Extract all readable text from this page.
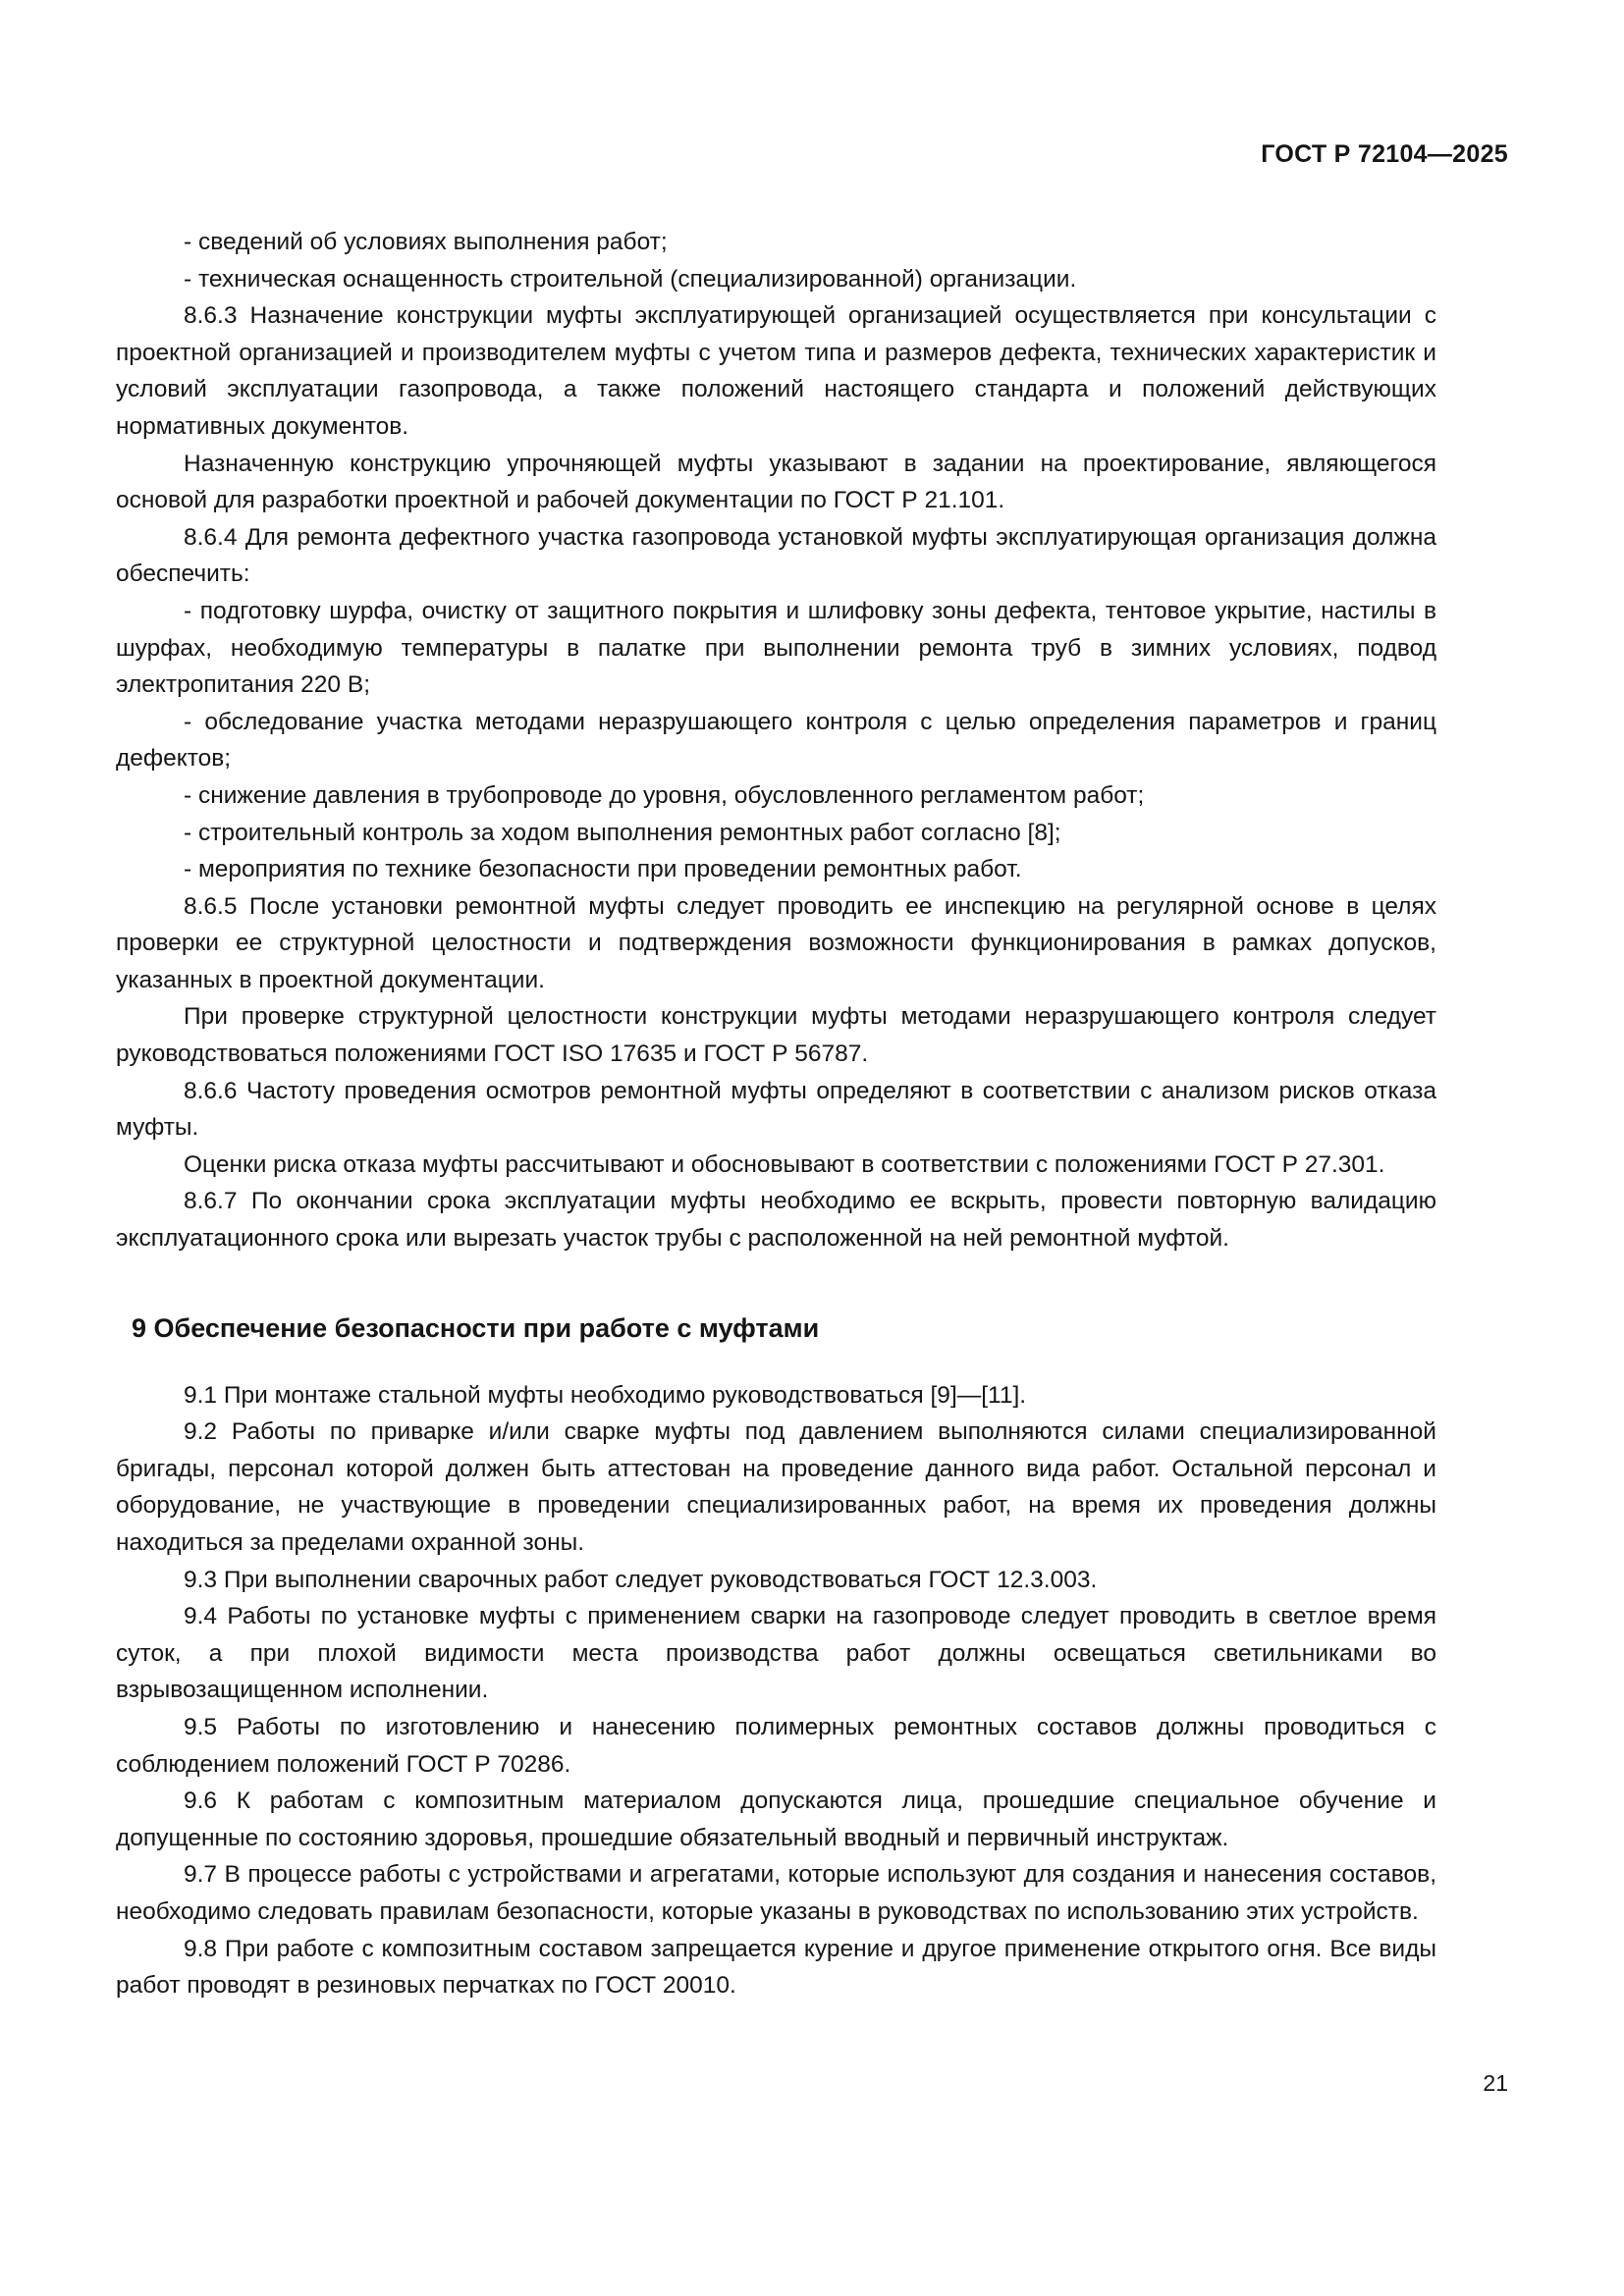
ГОСТ Р 72104—2025

- сведений об условиях выполнения работ;

- техническая оснащенность строительной (специализированной) организации.

8.6.3 Назначение конструкции муфты эксплуатирующей организацией осуществляется при консультации с проектной организацией и производителем муфты с учетом типа и размеров дефекта, технических характеристик и условий эксплуатации газопровода, а также положений настоящего стандарта и положений действующих нормативных документов.

Назначенную конструкцию упрочняющей муфты указывают в задании на проектирование, являющегося основой для разработки проектной и рабочей документации по ГОСТ Р 21.101.

8.6.4 Для ремонта дефектного участка газопровода установкой муфты эксплуатирующая организация должна обеспечить:

- подготовку шурфа, очистку от защитного покрытия и шлифовку зоны дефекта, тентовое укрытие, настилы в шурфах, необходимую температуры в палатке при выполнении ремонта труб в зимних условиях, подвод электропитания 220 В;

- обследование участка методами неразрушающего контроля с целью определения параметров и границ дефектов;

- снижение давления в трубопроводе до уровня, обусловленного регламентом работ;

- строительный контроль за ходом выполнения ремонтных работ согласно [8];

- мероприятия по технике безопасности при проведении ремонтных работ.

8.6.5 После установки ремонтной муфты следует проводить ее инспекцию на регулярной основе в целях проверки ее структурной целостности и подтверждения возможности функционирования в рамках допусков, указанных в проектной документации.

При проверке структурной целостности конструкции муфты методами неразрушающего контроля следует руководствоваться положениями ГОСТ ISO 17635 и ГОСТ Р 56787.

8.6.6 Частоту проведения осмотров ремонтной муфты определяют в соответствии с анализом рисков отказа муфты.

Оценки риска отказа муфты рассчитывают и обосновывают в соответствии с положениями ГОСТ Р 27.301.

8.6.7 По окончании срока эксплуатации муфты необходимо ее вскрыть, провести повторную валидацию эксплуатационного срока или вырезать участок трубы с расположенной на ней ремонтной муфтой.

9 Обеспечение безопасности при работе с муфтами

9.1 При монтаже стальной муфты необходимо руководствоваться [9]—[11].

9.2 Работы по приварке и/или сварке муфты под давлением выполняются силами специализированной бригады, персонал которой должен быть аттестован на проведение данного вида работ. Остальной персонал и оборудование, не участвующие в проведении специализированных работ, на время их проведения должны находиться за пределами охранной зоны.

9.3 При выполнении сварочных работ следует руководствоваться ГОСТ 12.3.003.

9.4 Работы по установке муфты с применением сварки на газопроводе следует проводить в светлое время суток, а при плохой видимости места производства работ должны освещаться светильниками во взрывозащищенном исполнении.

9.5 Работы по изготовлению и нанесению полимерных ремонтных составов должны проводиться с соблюдением положений ГОСТ Р 70286.

9.6 К работам с композитным материалом допускаются лица, прошедшие специальное обучение и допущенные по состоянию здоровья, прошедшие обязательный вводный и первичный инструктаж.

9.7 В процессе работы с устройствами и агрегатами, которые используют для создания и нанесения составов, необходимо следовать правилам безопасности, которые указаны в руководствах по использованию этих устройств.

9.8 При работе с композитным составом запрещается курение и другое применение открытого огня. Все виды работ проводят в резиновых перчатках по ГОСТ 20010.

21
